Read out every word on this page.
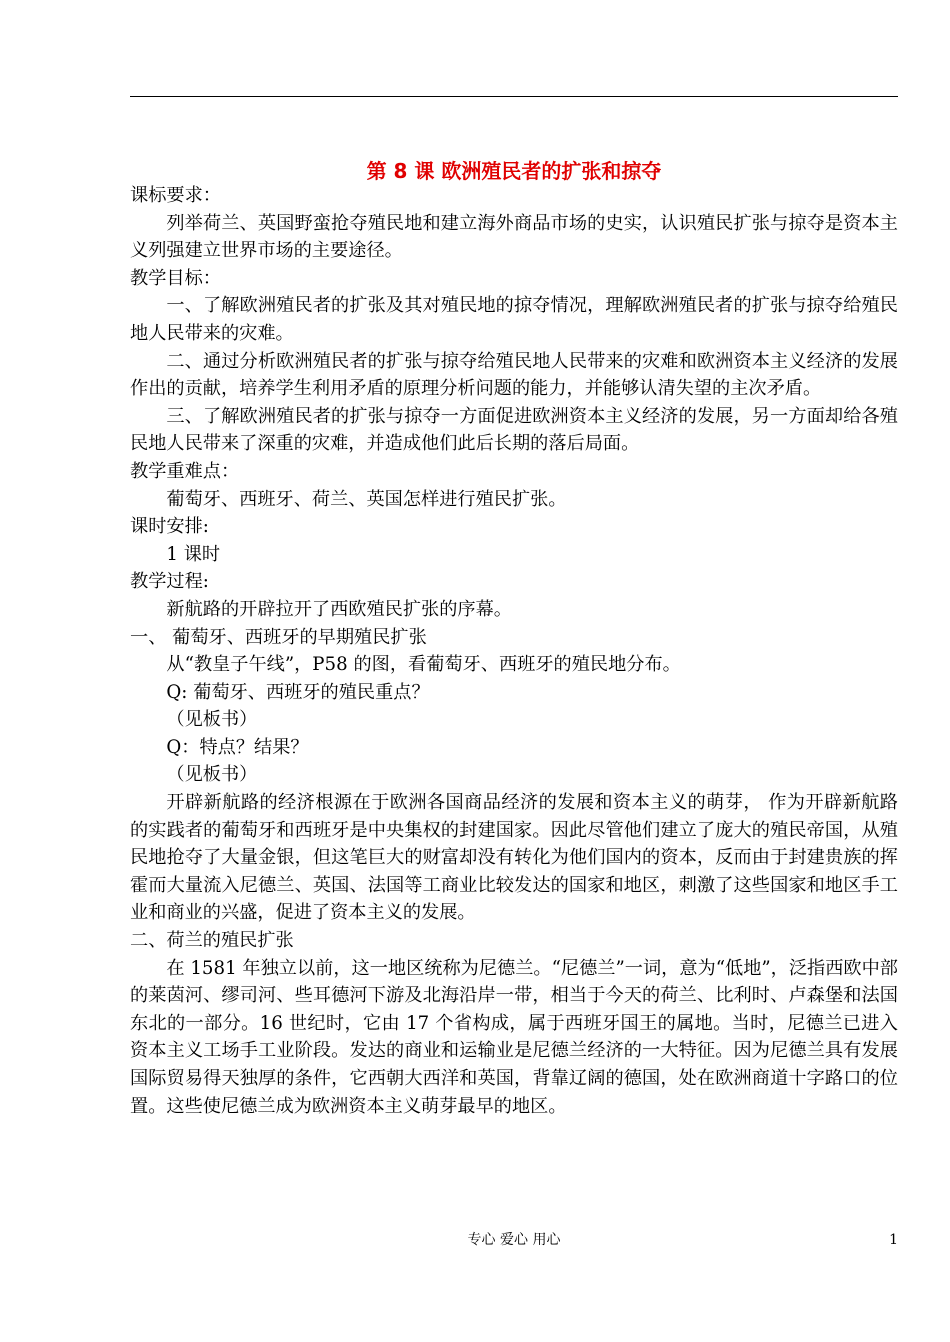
第 8 课 欧洲殖民者的扩张和掠夺

课标要求：

列举荷兰、英国野蛮抢夺殖民地和建立海外商品市场的史实，认识殖民扩张与掠夺是资本主义列强建立世界市场的主要途径。

教学目标：

一、了解欧洲殖民者的扩张及其对殖民地的掠夺情况，理解欧洲殖民者的扩张与掠夺给殖民地人民带来的灾难。

二、通过分析欧洲殖民者的扩张与掠夺给殖民地人民带来的灾难和欧洲资本主义经济的发展作出的贡献，培养学生利用矛盾的原理分析问题的能力，并能够认清失望的主次矛盾。

三、了解欧洲殖民者的扩张与掠夺一方面促进欧洲资本主义经济的发展，另一方面却给各殖民地人民带来了深重的灾难，并造成他们此后长期的落后局面。

教学重难点：

葡萄牙、西班牙、荷兰、英国怎样进行殖民扩张。

课时安排:

1 课时

教学过程:

新航路的开辟拉开了西欧殖民扩张的序幕。

一、 葡萄牙、西班牙的早期殖民扩张

从“教皇子午线”，P58 的图，看葡萄牙、西班牙的殖民地分布。

Q: 葡萄牙、西班牙的殖民重点？

（见板书）

Q：特点？结果？

（见板书）

开辟新航路的经济根源在于欧洲各国商品经济的发展和资本主义的萌芽， 作为开辟新航路的实践者的葡萄牙和西班牙是中央集权的封建国家。因此尽管他们建立了庞大的殖民帝国，从殖民地抢夺了大量金银，但这笔巨大的财富却没有转化为他们国内的资本，反而由于封建贵族的挥霍而大量流入尼德兰、英国、法国等工商业比较发达的国家和地区，刺激了这些国家和地区手工业和商业的兴盛，促进了资本主义的发展。

二、荷兰的殖民扩张

在 1581 年独立以前，这一地区统称为尼德兰。“尼德兰”一词，意为“低地”，泛指西欧中部的莱茵河、缪司河、些耳德河下游及北海沿岸一带，相当于今天的荷兰、比利时、卢森堡和法国东北的一部分。16 世纪时，它由 17 个省构成，属于西班牙国王的属地。当时，尼德兰已进入资本主义工场手工业阶段。发达的商业和运输业是尼德兰经济的一大特征。因为尼德兰具有发展国际贸易得天独厚的条件，它西朝大西洋和英国，背靠辽阔的德国，处在欧洲商道十字路口的位置。这些使尼德兰成为欧洲资本主义萌芽最早的地区。

专心 爱心 用心	1
